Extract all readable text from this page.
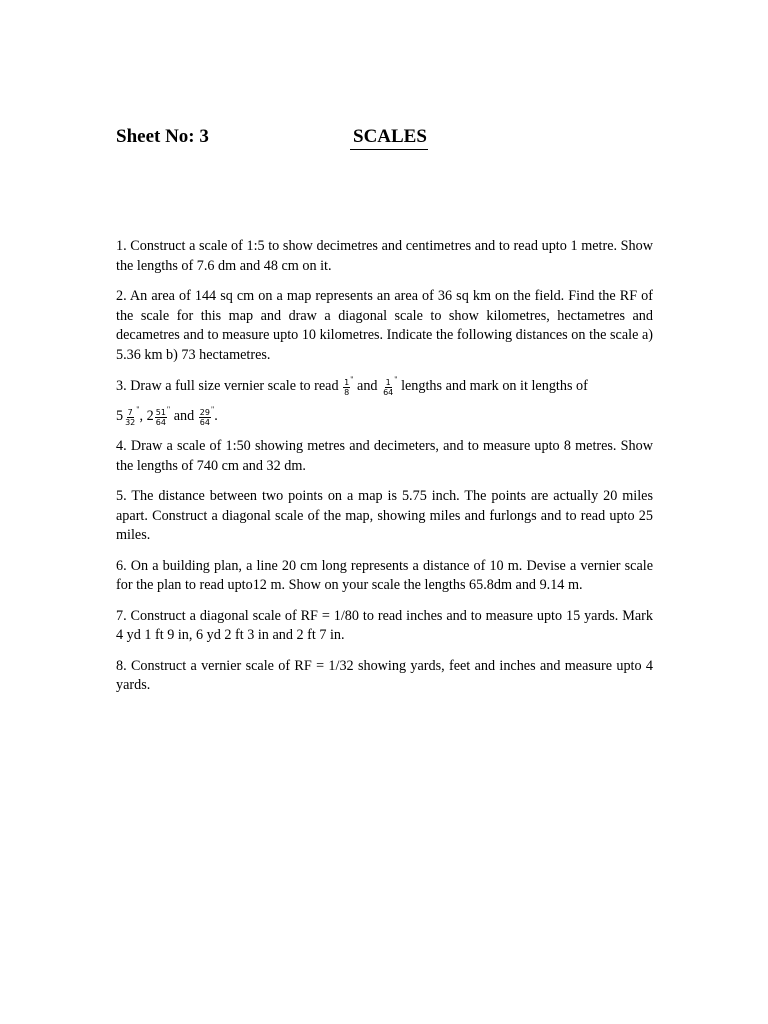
Sheet No: 3	SCALES

1. Construct a scale of 1:5 to show decimetres and centimetres and to read upto 1 metre. Show the lengths of 7.6 dm and 48 cm on it.

2. An area of 144 sq cm on a map represents an area of 36 sq km on the field. Find the RF of the scale for this map and draw a diagonal scale to show kilometres, hectametres and decametres and to measure upto 10 kilometres. Indicate the following distances on the scale a) 5.36 km b) 73 hectametres.

3. Draw a full size vernier scale to read $\frac{1}{8} ^"$ and $\frac{1}{64} ^"$ lengths and mark on it lengths of
$5 \frac{7}{32} ^"$, $2 \frac{51}{64} ^"$ and $\frac{29}{64} ^"$.

4. Draw a scale of 1:50 showing metres and decimeters, and to measure upto 8 metres. Show the lengths of 740 cm and 32 dm.

5. The distance between two points on a map is 5.75 inch. The points are actually 20 miles apart. Construct a diagonal scale of the map, showing miles and furlongs and to read upto 25 miles.

6. On a building plan, a line 20 cm long represents a distance of 10 m. Devise a vernier scale for the plan to read upto12 m. Show on your scale the lengths 65.8dm and 9.14 m.

7. Construct a diagonal scale of RF = 1/80 to read inches and to measure upto 15 yards. Mark 4 yd 1 ft 9 in, 6 yd 2 ft 3 in and 2 ft 7 in.

8. Construct a vernier scale of RF = 1/32 showing yards, feet and inches and measure upto 4 yards.
